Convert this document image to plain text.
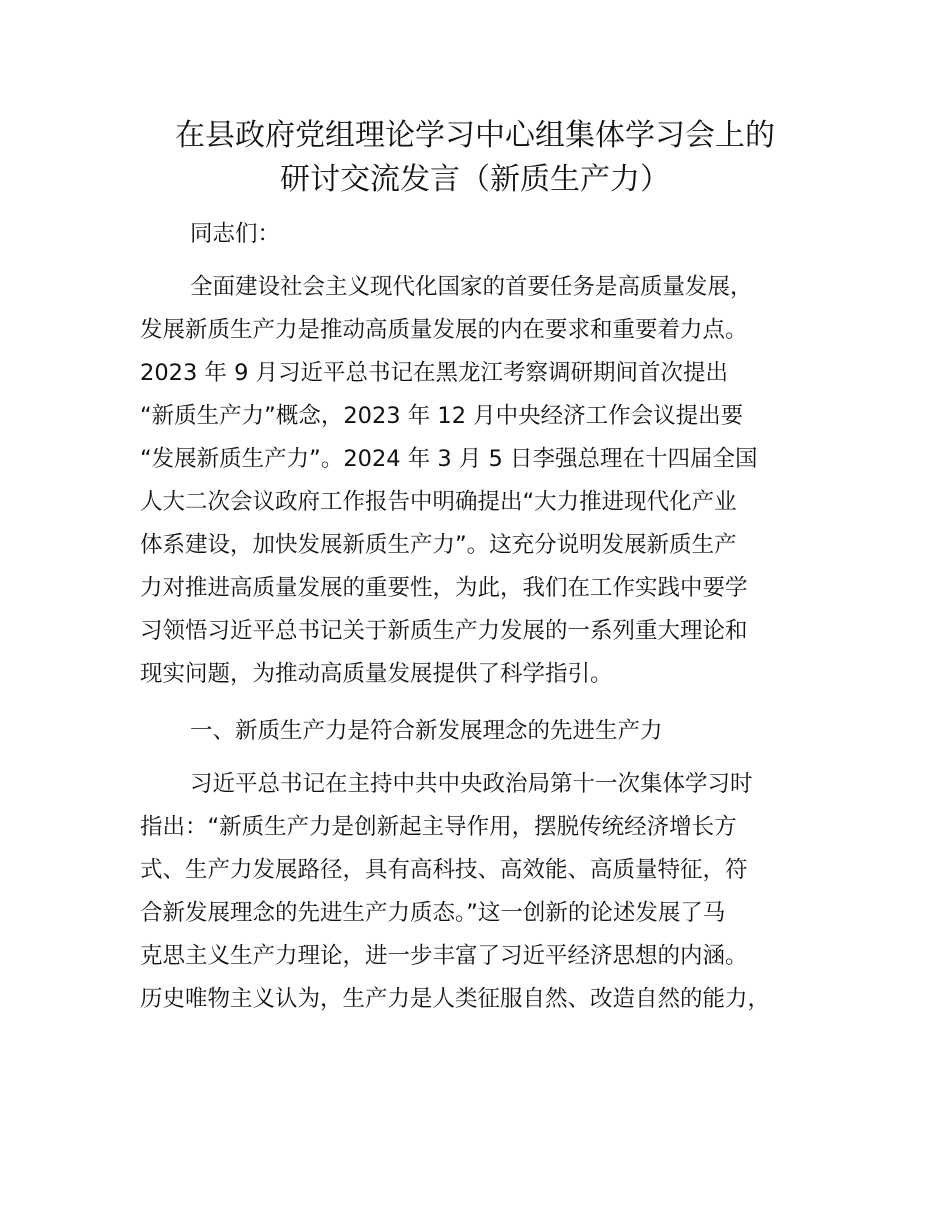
在县政府党组理论学习中心组集体学习会上的
研讨交流发言（新质生产力）

同志们：

全面建设社会主义现代化国家的首要任务是高质量发展，

发展新质生产力是推动高质量发展的内在要求和重要着力点。

2023 年 9 月习近平总书记在黑龙江考察调研期间首次提出

“新质生产力”概念，2023 年 12 月中央经济工作会议提出要

“发展新质生产力”。2024 年 3 月 5 日李强总理在十四届全国

人大二次会议政府工作报告中明确提出“大力推进现代化产业

体系建设，加快发展新质生产力”。这充分说明发展新质生产

力对推进高质量发展的重要性，为此，我们在工作实践中要学

习领悟习近平总书记关于新质生产力发展的一系列重大理论和

现实问题，为推动高质量发展提供了科学指引。

一、新质生产力是符合新发展理念的先进生产力

习近平总书记在主持中共中央政治局第十一次集体学习时

指出：“新质生产力是创新起主导作用，摆脱传统经济增长方

式、生产力发展路径，具有高科技、高效能、高质量特征，符

合新发展理念的先进生产力质态。”这一创新的论述发展了马

克思主义生产力理论，进一步丰富了习近平经济思想的内涵。

历史唯物主义认为，生产力是人类征服自然、改造自然的能力，
